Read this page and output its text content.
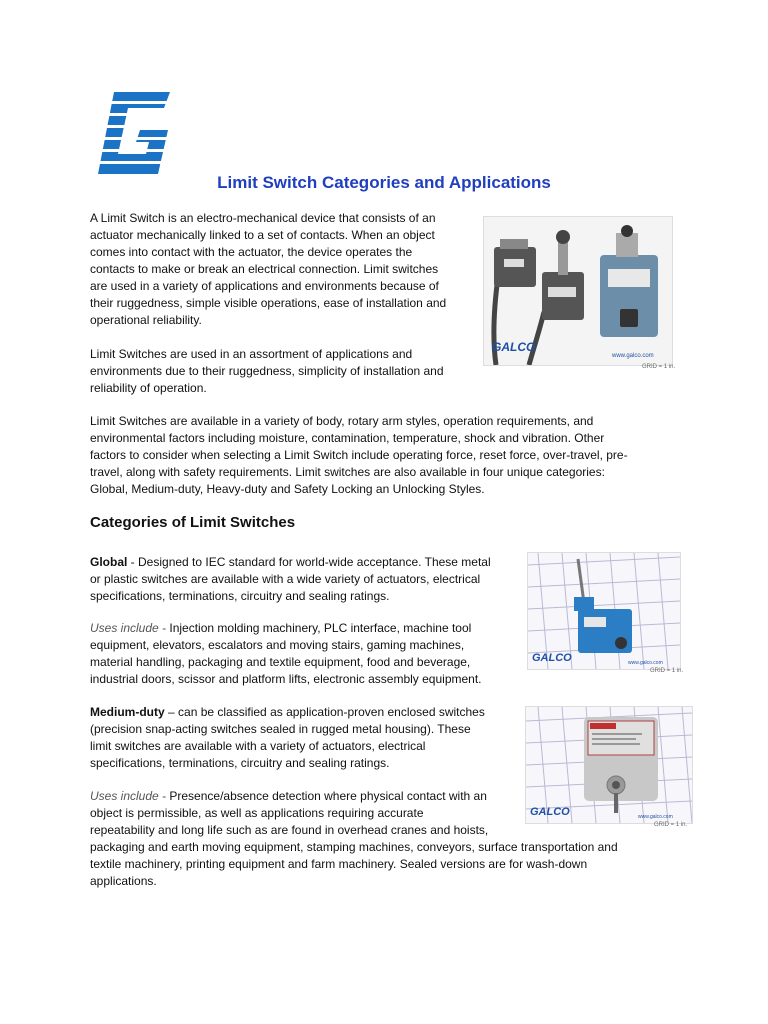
Limit Switch Categories and Applications
A Limit Switch is an electro-mechanical device that consists of an
actuator mechanically linked to a set of contacts. When an object
comes into contact with the actuator, the device operates the
contacts to make or break an electrical connection. Limit switches
are used in a variety of applications and environments because of
their ruggedness, simple visible operations, ease of installation and
operational reliability.
Limit Switches are used in an assortment of applications and
environments due to their ruggedness, simplicity of installation and
reliability of operation.
Limit Switches are available in a variety of body, rotary arm styles, operation requirements, and
environmental factors including moisture, contamination, temperature, shock and vibration. Other
factors to consider when selecting a Limit Switch include operating force, reset force, over-travel, pre-
travel, along with safety requirements. Limit switches are also available in four unique categories:
Global, Medium-duty, Heavy-duty and Safety Locking an Unlocking Styles.
Categories of Limit Switches
Global - Designed to IEC standard for world-wide acceptance. These metal
or plastic switches are available with a wide variety of actuators, electrical
specifications, terminations, circuitry and sealing ratings.
Uses include - Injection molding machinery, PLC interface, machine tool
equipment, elevators, escalators and moving stairs, gaming machines,
material handling, packaging and textile equipment, food and beverage,
industrial doors, scissor and platform lifts, electronic assembly equipment.
Medium-duty – can be classified as application-proven enclosed switches
(precision snap-acting switches sealed in rugged metal housing). These
limit switches are available with a variety of actuators, electrical
specifications, terminations, circuitry and sealing ratings.
Uses include - Presence/absence detection where physical contact with an
object is permissible, as well as applications requiring accurate
repeatability and long life such as are found in overhead cranes and hoists,
packaging and earth moving equipment, stamping machines, conveyors, surface transportation and
textile machinery, printing equipment and farm machinery. Sealed versions are for wash-down
applications.
GALCO
www.galco.com
GRID = 1 in.
GALCO	www.galco.com
GRID = 1 in.
GALCO	www.galco.com
GRID = 1 in.
